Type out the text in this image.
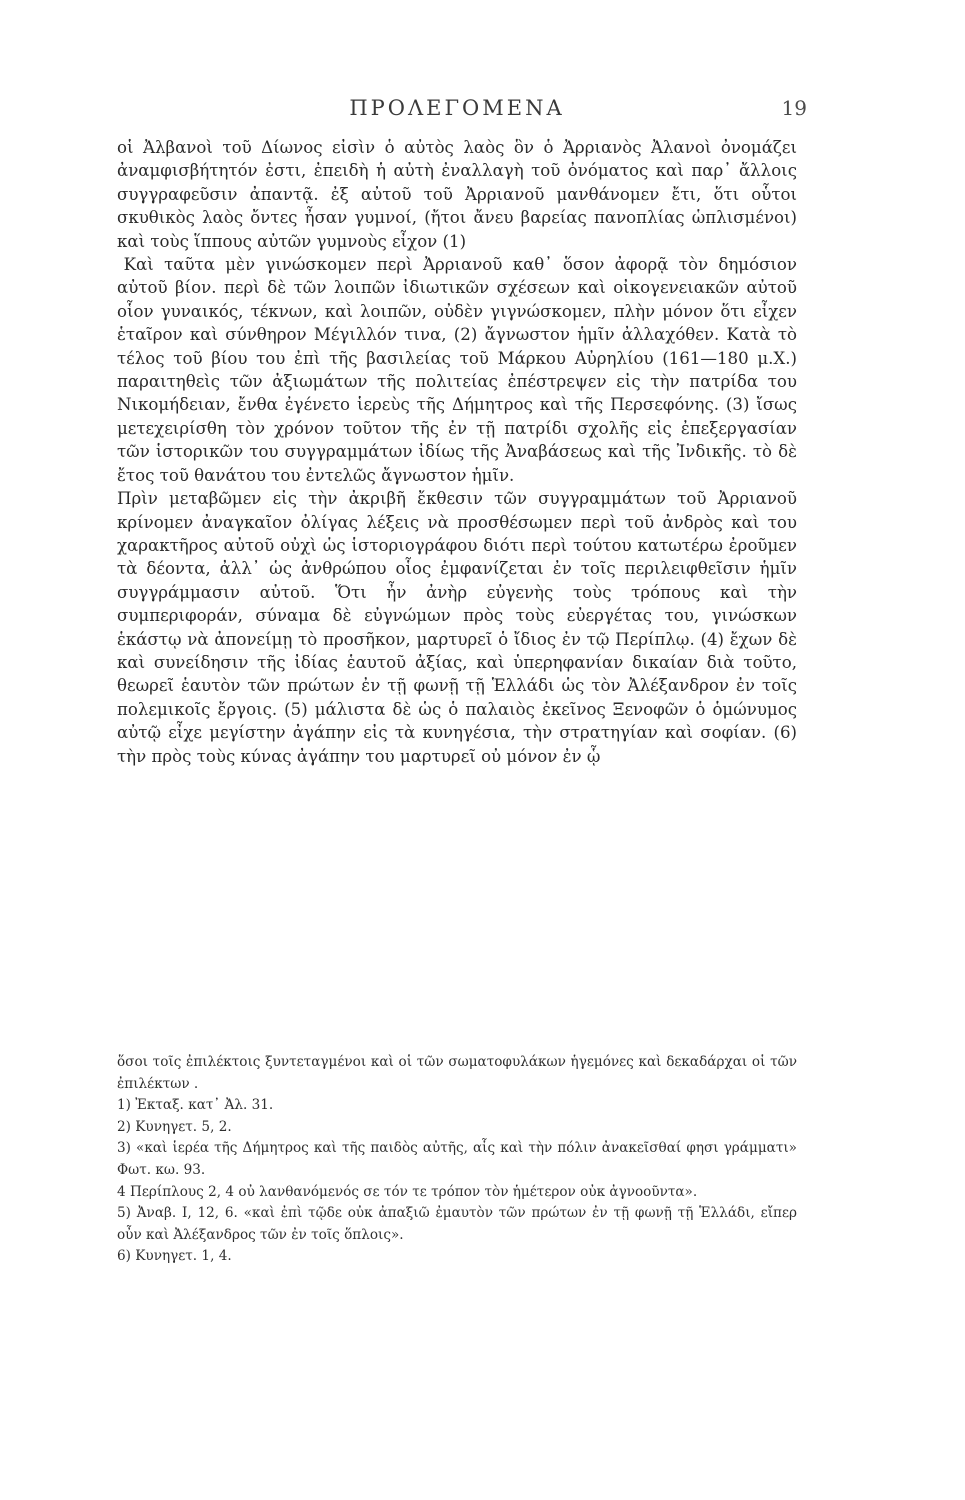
ΠΡΟΛΕΓΟΜΕΝΑ	19

οἱ Ἀλβανοὶ τοῦ Δίωνος εἰσὶν ὁ αὐτὸς λαὸς ὃν ὁ Ἀρριανὸς Ἀλανοὶ ὀνομάζει ἀναμφισβήτητόν ἐστι, ἐπειδὴ ἡ αὐτὴ ἐναλλαγὴ τοῦ ὀνόματος καὶ παρ᾽ ἄλλοις συγγραφεῦσιν ἀπαντᾷ. ἐξ αὐτοῦ τοῦ Ἀρριανοῦ μανθάνομεν ἔτι, ὅτι οὗτοι σκυθικὸς λαὸς ὄντες ἦσαν γυμνοί, (ἤτοι ἄνευ βαρείας πανοπλίας ὡπλισμένοι) καὶ τοὺς ἵππους αὐτῶν γυμνοὺς εἶχον (1)

Καὶ ταῦτα μὲν γινώσκομεν περὶ Ἀρριανοῦ καθ᾽ ὅσον ἀφορᾷ τὸν δημόσιον αὐτοῦ βίον. περὶ δὲ τῶν λοιπῶν ἰδιωτικῶν σχέσεων καὶ οἰκογενειακῶν αὐτοῦ οἷον γυναικός, τέκνων, καὶ λοιπῶν, οὐδὲν γιγνώσκομεν, πλὴν μόνον ὅτι εἶχεν ἑταῖρον καὶ σύνθηρον Μέγιλλόν τινα, (2) ἄγνωστον ἡμῖν ἀλλαχόθεν. Κατὰ τὸ τέλος τοῦ βίου του ἐπὶ τῆς βασιλείας τοῦ Μάρκου Αὐρηλίου (161—180 μ.Χ.) παραιτηθεὶς τῶν ἀξιωμάτων τῆς πολιτείας ἐπέστρεψεν εἰς τὴν πατρίδα του Νικομήδειαν, ἔνθα ἐγένετο ἱερεὺς τῆς Δήμητρος καὶ τῆς Περσεφόνης. (3) ἴσως μετεχειρίσθη τὸν χρόνον τοῦτον τῆς ἐν τῇ πατρίδι σχολῆς εἰς ἐπεξεργασίαν τῶν ἱστορικῶν του συγγραμμάτων ἰδίως τῆς Ἀναβάσεως καὶ τῆς Ἰνδικῆς. τὸ δὲ ἔτος τοῦ θανάτου του ἐντελῶς ἄγνωστον ἡμῖν.

Πρὶν μεταβῶμεν εἰς τὴν ἀκριβῆ ἔκθεσιν τῶν συγγραμμάτων τοῦ Ἀρριανοῦ κρίνομεν ἀναγκαῖον ὀλίγας λέξεις νὰ προσθέσωμεν περὶ τοῦ ἀνδρὸς καὶ του χαρακτῆρος αὐτοῦ οὐχὶ ὡς ἱστοριογράφου διότι περὶ τούτου κατωτέρω ἐροῦμεν τὰ δέοντα, ἀλλ᾽ ὡς ἀνθρώπου οἷος ἐμφανίζεται ἐν τοῖς περιλειφθεῖσιν ἡμῖν συγγράμμασιν αὐτοῦ. Ὅτι ἦν ἀνὴρ εὐγενὴς τοὺς τρόπους καὶ τὴν συμπεριφοράν, σύναμα δὲ εὐγνώμων πρὸς τοὺς εὐεργέτας του, γινώσκων ἑκάστῳ νὰ ἀπονείμῃ τὸ προσῆκον, μαρτυρεῖ ὁ ἴδιος ἐν τῷ Περίπλῳ. (4) ἔχων δὲ καὶ συνείδησιν τῆς ἰδίας ἑαυτοῦ ἀξίας, καὶ ὑπερηφανίαν δικαίαν διὰ τοῦτο, θεωρεῖ ἑαυτὸν τῶν πρώτων ἐν τῇ φωνῇ τῇ Ἑλλάδι ὡς τὸν Ἀλέξανδρον ἐν τοῖς πολεμικοῖς ἔργοις. (5) μάλιστα δὲ ὡς ὁ παλαιὸς ἐκεῖνος Ξενοφῶν ὁ ὁμώνυμος αὐτῷ εἶχε μεγίστην ἀγάπην εἰς τὰ κυνηγέσια, τὴν στρατηγίαν καὶ σοφίαν. (6) τὴν πρὸς τοὺς κύνας ἀγάπην του μαρτυρεῖ οὐ μόνον ἐν ᾧ

ὅσοι τοῖς ἐπιλέκτοις ξυντεταγμένοι καὶ οἱ τῶν σωματοφυλάκων ἡγεμόνες καὶ δεκαδάρχαι οἱ τῶν ἐπιλέκτων .

1) Ἐκταξ. κατ᾽ Ἀλ. 31.

2) Κυνηγετ. 5, 2.

3) «καὶ ἱερέα τῆς Δήμητρος καὶ τῆς παιδὸς αὐτῆς, αἷς καὶ τὴν πόλιν ἀνακεῖσθαί φησι γράμματι» Φωτ. κω. 93.

4 Περίπλους 2, 4 οὐ λανθανόμενός σε τόν τε τρόπον τὸν ἡμέτερον οὐκ ἀγνοοῦντα».

5) Ἀναβ. I, 12, 6. «καὶ ἐπὶ τῷδε οὐκ ἀπαξιῶ ἐμαυτὸν τῶν πρώτων ἐν τῇ φωνῇ τῇ Ἑλλάδι, εἴπερ οὖν καὶ Ἀλέξανδρος τῶν ἐν τοῖς ὅπλοις».

6) Κυνηγετ. 1, 4.
